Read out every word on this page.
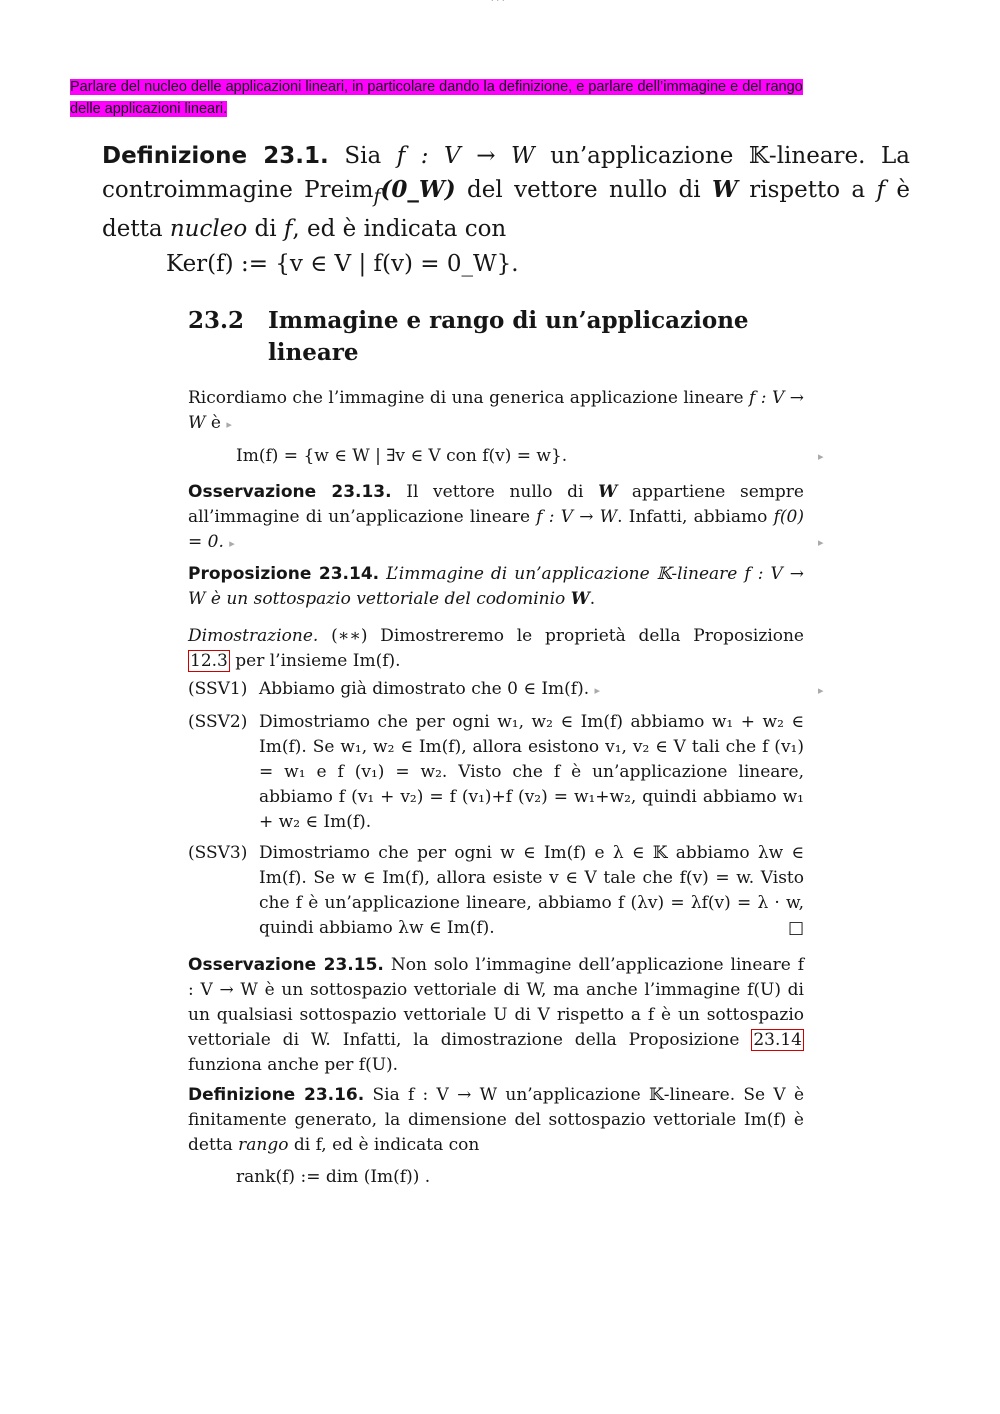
˙˙˙
Parlare del nucleo delle applicazioni lineari, in particolare dando la definizione, e parlare dell’immagine e del rango
delle applicazioni lineari.
Definizione 23.1. Sia f : V → W un’applicazione 𝕂-lineare. La controimmagine Preim$_f$(0_W) del vettore nullo di W rispetto a f è detta nucleo di f, ed è indicata con
Ker(f) := {v ∈ V | f(v) = 0_W}.
23.2 Immagine e rango di un’applicazione lineare
Ricordiamo che l’immagine di una generica applicazione lineare f : V → W è ▸
Im(f) = {w ∈ W | ∃v ∈ V con f(v) = w}.	▸
Osservazione 23.13. Il vettore nullo di W appartiene sempre all’immagine di un’applicazione lineare f : V → W. Infatti, abbiamo f(0) = 0. ▸	▸
Proposizione 23.14. L’immagine di un’applicazione 𝕂-lineare f : V → W è un sottospazio vettoriale del codominio W.
Dimostrazione. (∗∗) Dimostreremo le proprietà della Proposizione 12.3 per l’insieme Im(f).
(SSV1) Abbiamo già dimostrato che 0 ∈ Im(f). ▸	▸
(SSV2) Dimostriamo che per ogni w₁, w₂ ∈ Im(f) abbiamo w₁ + w₂ ∈ Im(f). Se w₁, w₂ ∈ Im(f), allora esistono v₁, v₂ ∈ V tali che f (v₁) = w₁ e f (v₁) = w₂. Visto che f è un’applicazione lineare, abbiamo f (v₁ + v₂) = f (v₁)+f (v₂) = w₁+w₂, quindi abbiamo w₁ + w₂ ∈ Im(f).
(SSV3) Dimostriamo che per ogni w ∈ Im(f) e λ ∈ 𝕂 abbiamo λw ∈ Im(f). Se w ∈ Im(f), allora esiste v ∈ V tale che f(v) = w. Visto che f è un’applicazione lineare, abbiamo f (λv) = λf(v) = λ · w, quindi abbiamo λw ∈ Im(f).	□
Osservazione 23.15. Non solo l’immagine dell’applicazione lineare f : V → W è un sottospazio vettoriale di W, ma anche l’immagine f(U) di un qualsiasi sottospazio vettoriale U di V rispetto a f è un sottospazio vettoriale di W. Infatti, la dimostrazione della Proposizione 23.14 funziona anche per f(U).
Definizione 23.16. Sia f : V → W un’applicazione 𝕂-lineare. Se V è finitamente generato, la dimensione del sottospazio vettoriale Im(f) è detta rango di f, ed è indicata con
rank(f) := dim (Im(f)) .
